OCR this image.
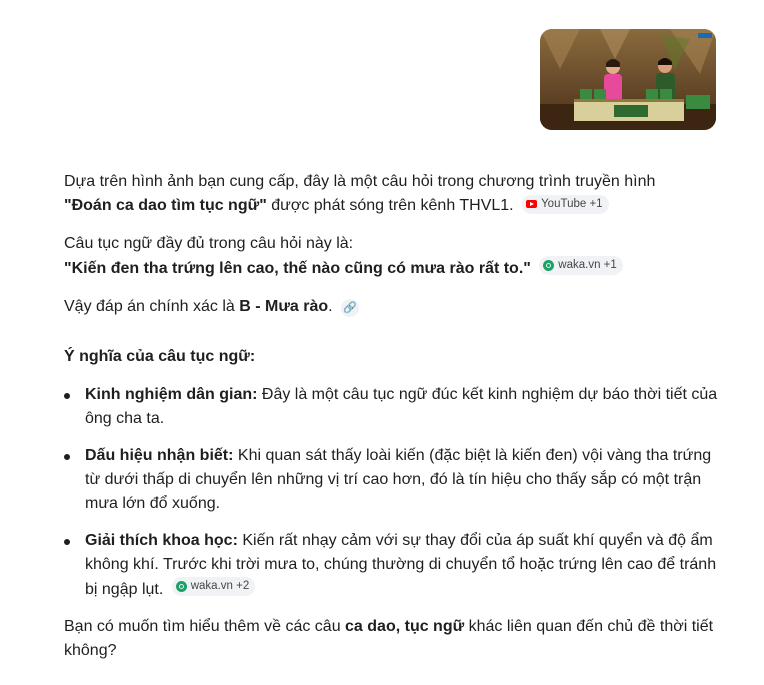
Dựa trên hình ảnh bạn cung cấp, đây là một câu hỏi trong chương trình truyền hình
"Đoán ca dao tìm tục ngữ" được phát sóng trên kênh THVL1. YouTube +1

Câu tục ngữ đầy đủ trong câu hỏi này là:
"Kiến đen tha trứng lên cao, thế nào cũng có mưa rào rất to." waka.vn +1

Vậy đáp án chính xác là B - Mưa rào. 🔗

Ý nghĩa của câu tục ngữ:

Kinh nghiệm dân gian: Đây là một câu tục ngữ đúc kết kinh nghiệm dự báo thời tiết của ông cha ta.
Dấu hiệu nhận biết: Khi quan sát thấy loài kiến (đặc biệt là kiến đen) vội vàng tha trứng từ dưới thấp di chuyển lên những vị trí cao hơn, đó là tín hiệu cho thấy sắp có một trận mưa lớn đổ xuống.
Giải thích khoa học: Kiến rất nhạy cảm với sự thay đổi của áp suất khí quyển và độ ẩm không khí. Trước khi trời mưa to, chúng thường di chuyển tổ hoặc trứng lên cao để tránh bị ngập lụt. waka.vn +2

Bạn có muốn tìm hiểu thêm về các câu ca dao, tục ngữ khác liên quan đến chủ đề thời tiết không?
